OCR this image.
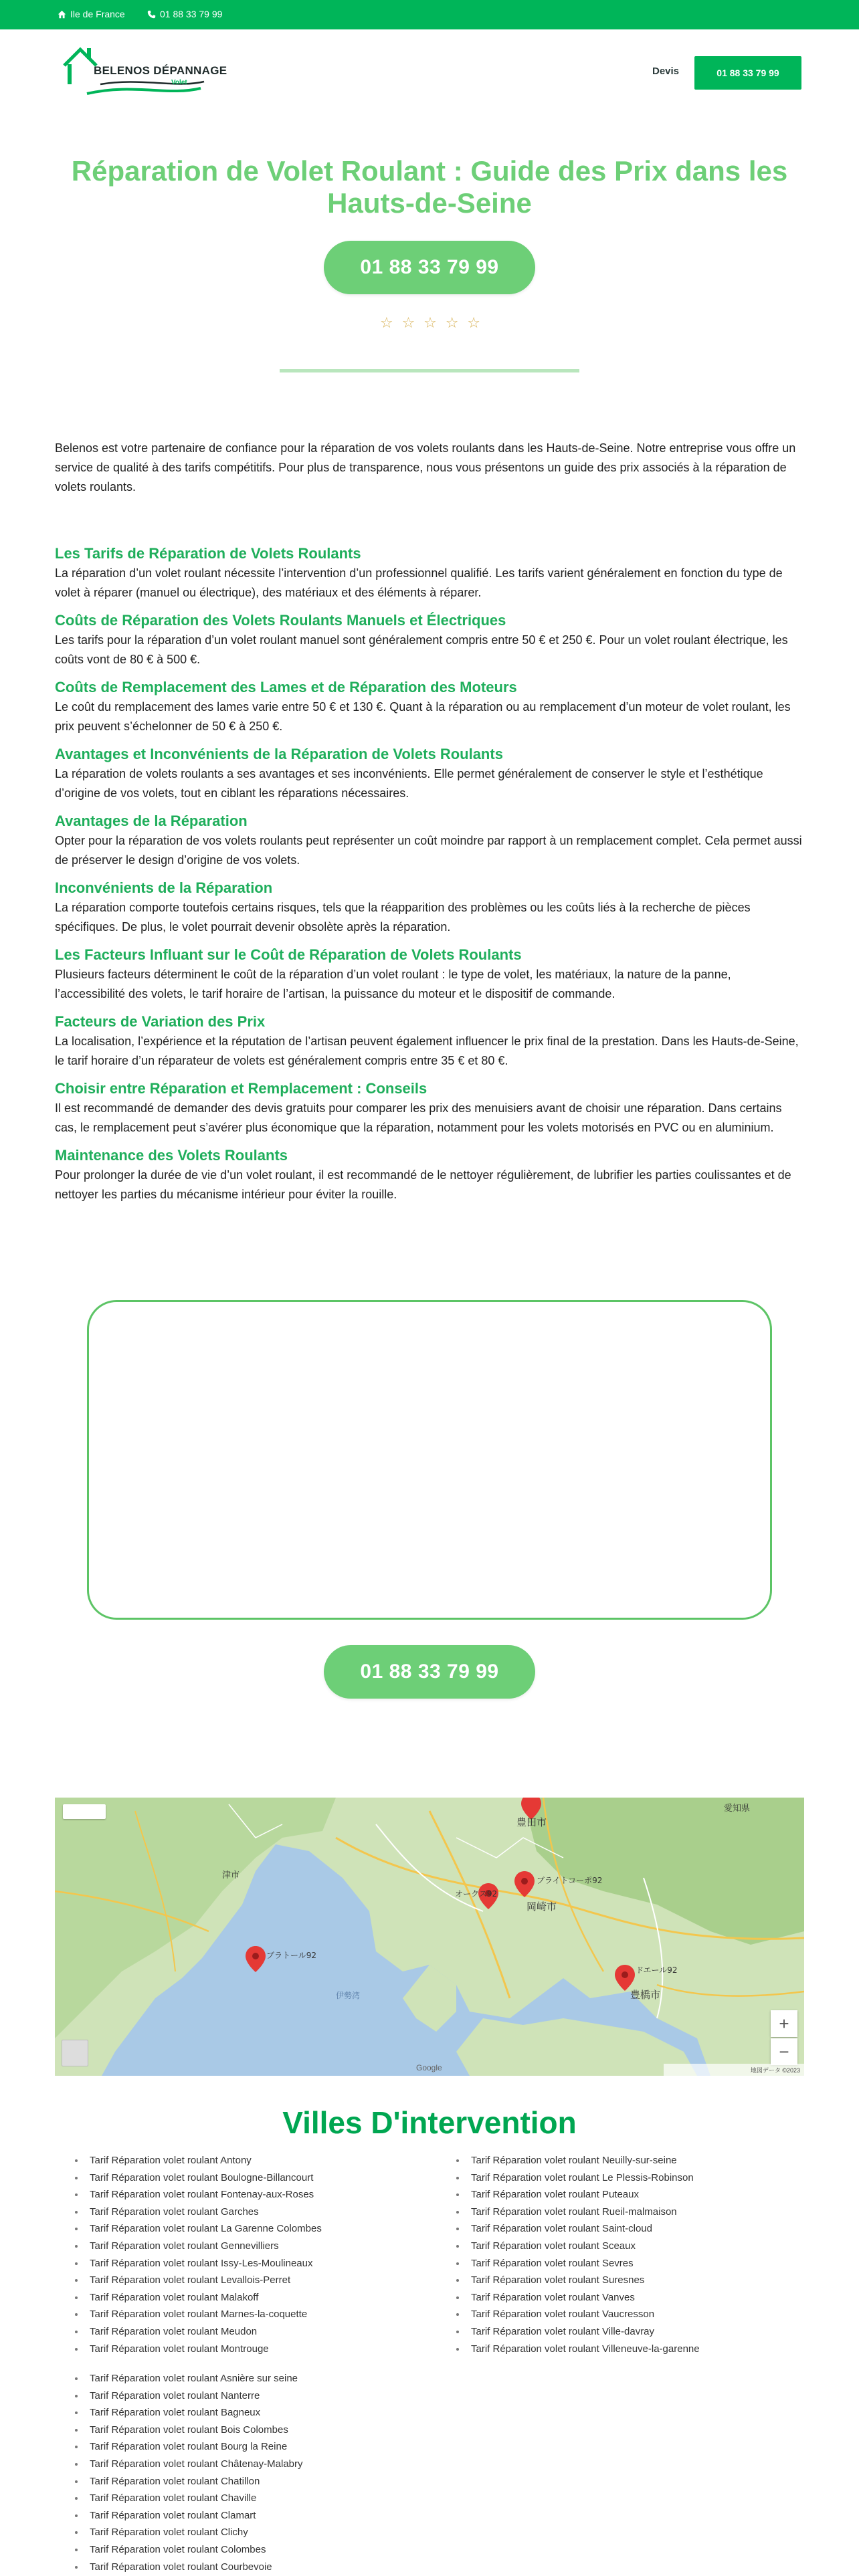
Ile de France	01 88 33 79 99
BELENOS DÉPANNAGE
Volet
Devis	01 88 33 79 99
Réparation de Volet Roulant : Guide des Prix dans les Hauts-de-Seine
01 88 33 79 99
☆ ☆ ☆ ☆ ☆

Belenos est votre partenaire de confiance pour la réparation de vos volets roulants dans les Hauts-de-Seine. Notre entreprise vous offre un service de qualité à des tarifs compétitifs. Pour plus de transparence, nous vous présentons un guide des prix associés à la réparation de volets roulants.

Les Tarifs de Réparation de Volets Roulants

La réparation d’un volet roulant nécessite l’intervention d’un professionnel qualifié. Les tarifs varient généralement en fonction du type de volet à réparer (manuel ou électrique), des matériaux et des éléments à réparer.

Coûts de Réparation des Volets Roulants Manuels et Électriques

Les tarifs pour la réparation d’un volet roulant manuel sont généralement compris entre 50 € et 250 €. Pour un volet roulant électrique, les coûts vont de 80 € à 500 €.

Coûts de Remplacement des Lames et de Réparation des Moteurs

Le coût du remplacement des lames varie entre 50 € et 130 €. Quant à la réparation ou au remplacement d’un moteur de volet roulant, les prix peuvent s’échelonner de 50 € à 250 €.

Avantages et Inconvénients de la Réparation de Volets Roulants

La réparation de volets roulants a ses avantages et ses inconvénients. Elle permet généralement de conserver le style et l’esthétique d’origine de vos volets, tout en ciblant les réparations nécessaires.

Avantages de la Réparation

Opter pour la réparation de vos volets roulants peut représenter un coût moindre par rapport à un remplacement complet. Cela permet aussi de préserver le design d’origine de vos volets.

Inconvénients de la Réparation

La réparation comporte toutefois certains risques, tels que la réapparition des problèmes ou les coûts liés à la recherche de pièces spécifiques. De plus, le volet pourrait devenir obsolète après la réparation.

Les Facteurs Influant sur le Coût de Réparation de Volets Roulants

Plusieurs facteurs déterminent le coût de la réparation d’un volet roulant : le type de volet, les matériaux, la nature de la panne, l’accessibilité des volets, le tarif horaire de l’artisan, la puissance du moteur et le dispositif de commande.

Facteurs de Variation des Prix

La localisation, l’expérience et la réputation de l’artisan peuvent également influencer le prix final de la prestation. Dans les Hauts-de-Seine, le tarif horaire d’un réparateur de volets est généralement compris entre 35 € et 80 €.

Choisir entre Réparation et Remplacement : Conseils

Il est recommandé de demander des devis gratuits pour comparer les prix des menuisiers avant de choisir une réparation. Dans certains cas, le remplacement peut s’avérer plus économique que la réparation, notamment pour les volets motorisés en PVC ou en aluminium.

Maintenance des Volets Roulants

Pour prolonger la durée de vie d’un volet roulant, il est recommandé de le nettoyer régulièrement, de lubrifier les parties coulissantes et de nettoyer les parties du mécanisme intérieur pour éviter la rouille.

01 88 33 79 99
豊田市
岡崎市
豊橋市
津市
愛知県
伊勢湾
ブラトール92
ブライトコーポ92
オークス92
ドエール92
Google
+
−
地図データ ©2023
Villes D'intervention
Tarif Réparation volet roulant Antony
Tarif Réparation volet roulant Boulogne-Billancourt
Tarif Réparation volet roulant Fontenay-aux-Roses
Tarif Réparation volet roulant Garches
Tarif Réparation volet roulant La Garenne Colombes
Tarif Réparation volet roulant Gennevilliers
Tarif Réparation volet roulant Issy-Les-Moulineaux
Tarif Réparation volet roulant Levallois-Perret
Tarif Réparation volet roulant Malakoff
Tarif Réparation volet roulant Marnes-la-coquette
Tarif Réparation volet roulant Meudon
Tarif Réparation volet roulant Montrouge
Tarif Réparation volet roulant Neuilly-sur-seine
Tarif Réparation volet roulant Le Plessis-Robinson
Tarif Réparation volet roulant Puteaux
Tarif Réparation volet roulant Rueil-malmaison
Tarif Réparation volet roulant Saint-cloud
Tarif Réparation volet roulant Sceaux
Tarif Réparation volet roulant Sevres
Tarif Réparation volet roulant Suresnes
Tarif Réparation volet roulant Vanves
Tarif Réparation volet roulant Vaucresson
Tarif Réparation volet roulant Ville-davray
Tarif Réparation volet roulant Villeneuve-la-garenne
Tarif Réparation volet roulant Asnière sur seine
Tarif Réparation volet roulant Nanterre
Tarif Réparation volet roulant Bagneux
Tarif Réparation volet roulant Bois Colombes
Tarif Réparation volet roulant Bourg la Reine
Tarif Réparation volet roulant Châtenay-Malabry
Tarif Réparation volet roulant Chatillon
Tarif Réparation volet roulant Chaville
Tarif Réparation volet roulant Clamart
Tarif Réparation volet roulant Clichy
Tarif Réparation volet roulant Colombes
Tarif Réparation volet roulant Courbevoie
